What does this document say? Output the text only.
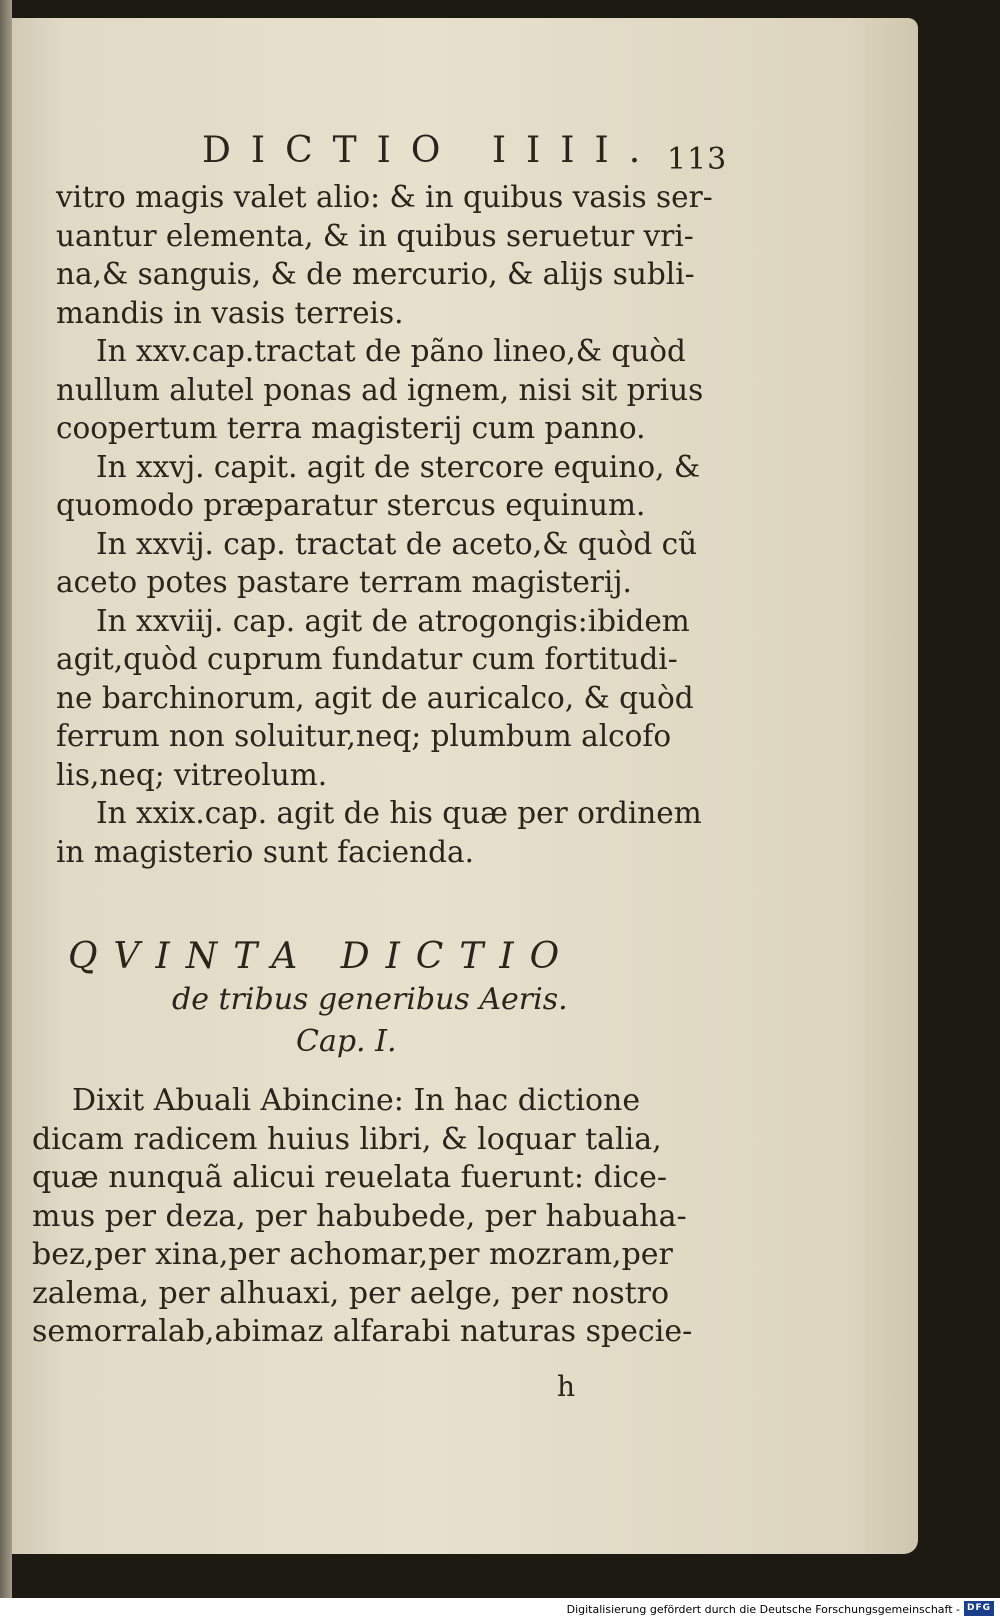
DICTIO IIII. 113
vitro magis valet alio: & in quibus vasis ser-
uantur elementa, & in quibus seruetur vri-
na,& sanguis, & de mercurio, & alijs subli-
mandis in vasis terreis.
In xxv.cap.tractat de pãno lineo,& quòd
nullum alutel ponas ad ignem, nisi sit prius
coopertum terra magisterij cum panno.
In xxvj. capit. agit de stercore equino, &
quomodo præparatur stercus equinum.
In xxvij. cap. tractat de aceto,& quòd cũ
aceto potes pastare terram magisterij.
In xxviij. cap. agit de atrogongis:ibidem
agit,quòd cuprum fundatur cum fortitudi-
ne barchinorum, agit de auricalco, & quòd
ferrum non soluitur,neq; plumbum alcofo
lis,neq; vitreolum.
In xxix.cap. agit de his quæ per ordinem
in magisterio sunt facienda.
QVINTA DICTIO
de tribus generibus Aeris.
Cap. I.
Dixit Abuali Abincine: In hac dictione
dicam radicem huius libri, & loquar talia,
quæ nunquã alicui reuelata fuerunt: dice-
mus per deza, per habubede, per habuaha-
bez,per xina,per achomar,per mozram,per
zalema, per alhuaxi, per aelge, per nostro
semorralab,abimaz alfarabi naturas specie-
h
Digitalisierung gefördert durch die Deutsche Forschungsgemeinschaft - DFG
